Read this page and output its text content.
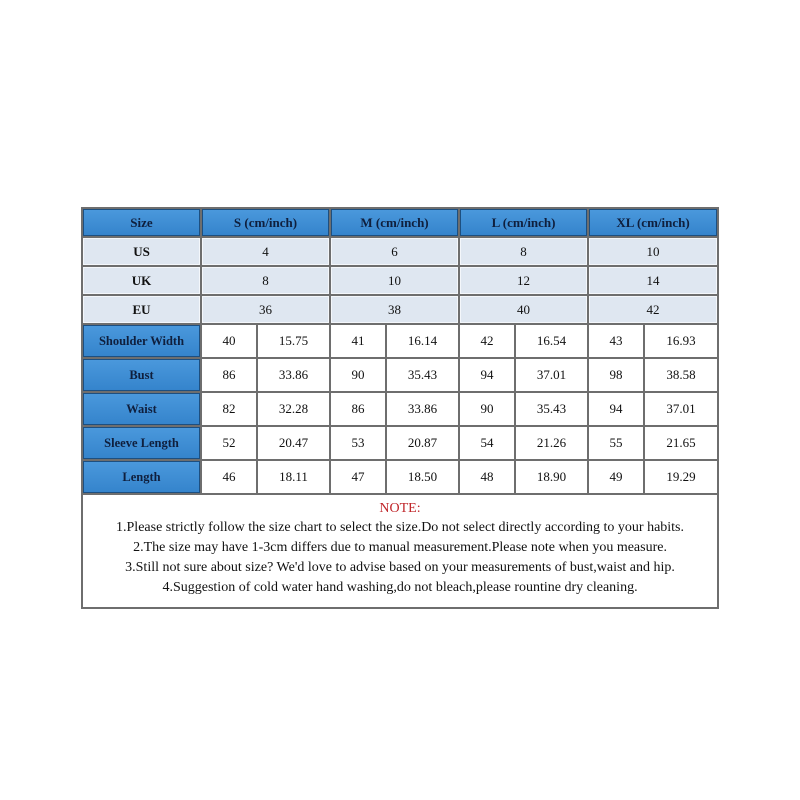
Size	S (cm/inch)		M (cm/inch)		L (cm/inch)		XL (cm/inch)	
US	4		6		8		10	
UK	8		10		12		14	
EU	36		38		40		42	
Shoulder Width	40	15.75	41	16.14	42	16.54	43	16.93
Bust	86	33.86	90	35.43	94	37.01	98	38.58
Waist	82	32.28	86	33.86	90	35.43	94	37.01
Sleeve Length	52	20.47	53	20.87	54	21.26	55	21.65
Length	46	18.11	47	18.50	48	18.90	49	19.29

NOTE:
1.Please strictly follow the size chart to select the size.Do not select directly according to your habits.
2.The size may have 1-3cm differs due to manual measurement.Please note when you measure.
3.Still not sure about size? We'd love to advise based on your measurements of bust,waist and hip.
4.Suggestion of cold water hand washing,do not bleach,please rountine dry cleaning.								
